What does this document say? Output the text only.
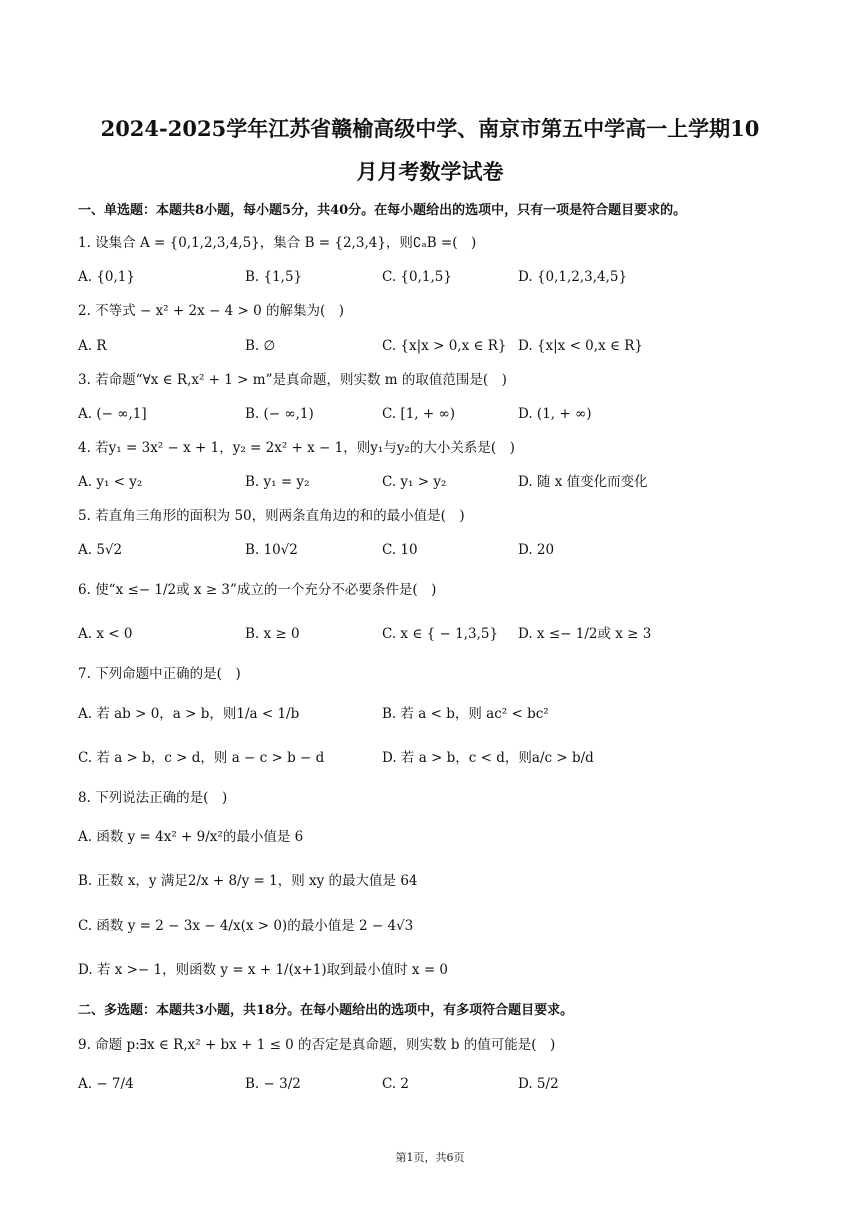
2024-2025学年江苏省赣榆高级中学、南京市第五中学高一上学期10
月月考数学试卷
一、单选题：本题共8小题，每小题5分，共40分。在每小题给出的选项中，只有一项是符合题目要求的。
1. 设集合 A = {0,1,2,3,4,5}，集合 B = {2,3,4}，则∁ₐB =(　)
A. {0,1}	B. {1,5}	C. {0,1,5}	D. {0,1,2,3,4,5}
2. 不等式 − x² + 2x − 4 > 0 的解集为(　)
A. R	B. ∅	C. {x|x > 0,x ∈ R} D. {x|x < 0,x ∈ R}
3. 若命题“∀x ∈ R,x² + 1 > m”是真命题，则实数 m 的取值范围是(　)
A. (− ∞,1]	B. (− ∞,1)	C. [1, + ∞)	D. (1, + ∞)
4. 若y₁ = 3x² − x + 1，y₂ = 2x² + x − 1，则y₁与y₂的大小关系是(　)
A. y₁ < y₂	B. y₁ = y₂	C. y₁ > y₂	D. 随 x 值变化而变化
5. 若直角三角形的面积为 50，则两条直角边的和的最小值是(　)
A. 5√2	B. 10√2	C. 10	D. 20
6. 使“x ≤− 1/2或 x ≥ 3”成立的一个充分不必要条件是(　)
A. x < 0	B. x ≥ 0	C. x ∈ { − 1,3,5} D. x ≤− 1/2或 x ≥ 3
7. 下列命题中正确的是(　)
A. 若 ab > 0，a > b，则1/a < 1/b	B. 若 a < b，则 ac² < bc²
C. 若 a > b，c > d，则 a − c > b − d	D. 若 a > b，c < d，则a/c > b/d
8. 下列说法正确的是(　)
A. 函数 y = 4x² + 9/x²的最小值是 6
B. 正数 x，y 满足2/x + 8/y = 1，则 xy 的最大值是 64
C. 函数 y = 2 − 3x − 4/x(x > 0)的最小值是 2 − 4√3
D. 若 x >− 1，则函数 y = x + 1/(x+1)取到最小值时 x = 0
二、多选题：本题共3小题，共18分。在每小题给出的选项中，有多项符合题目要求。
9. 命题 p:∃x ∈ R,x² + bx + 1 ≤ 0 的否定是真命题，则实数 b 的值可能是(　)
A. − 7/4	B. − 3/2	C. 2	D. 5/2
第1页，共6页
